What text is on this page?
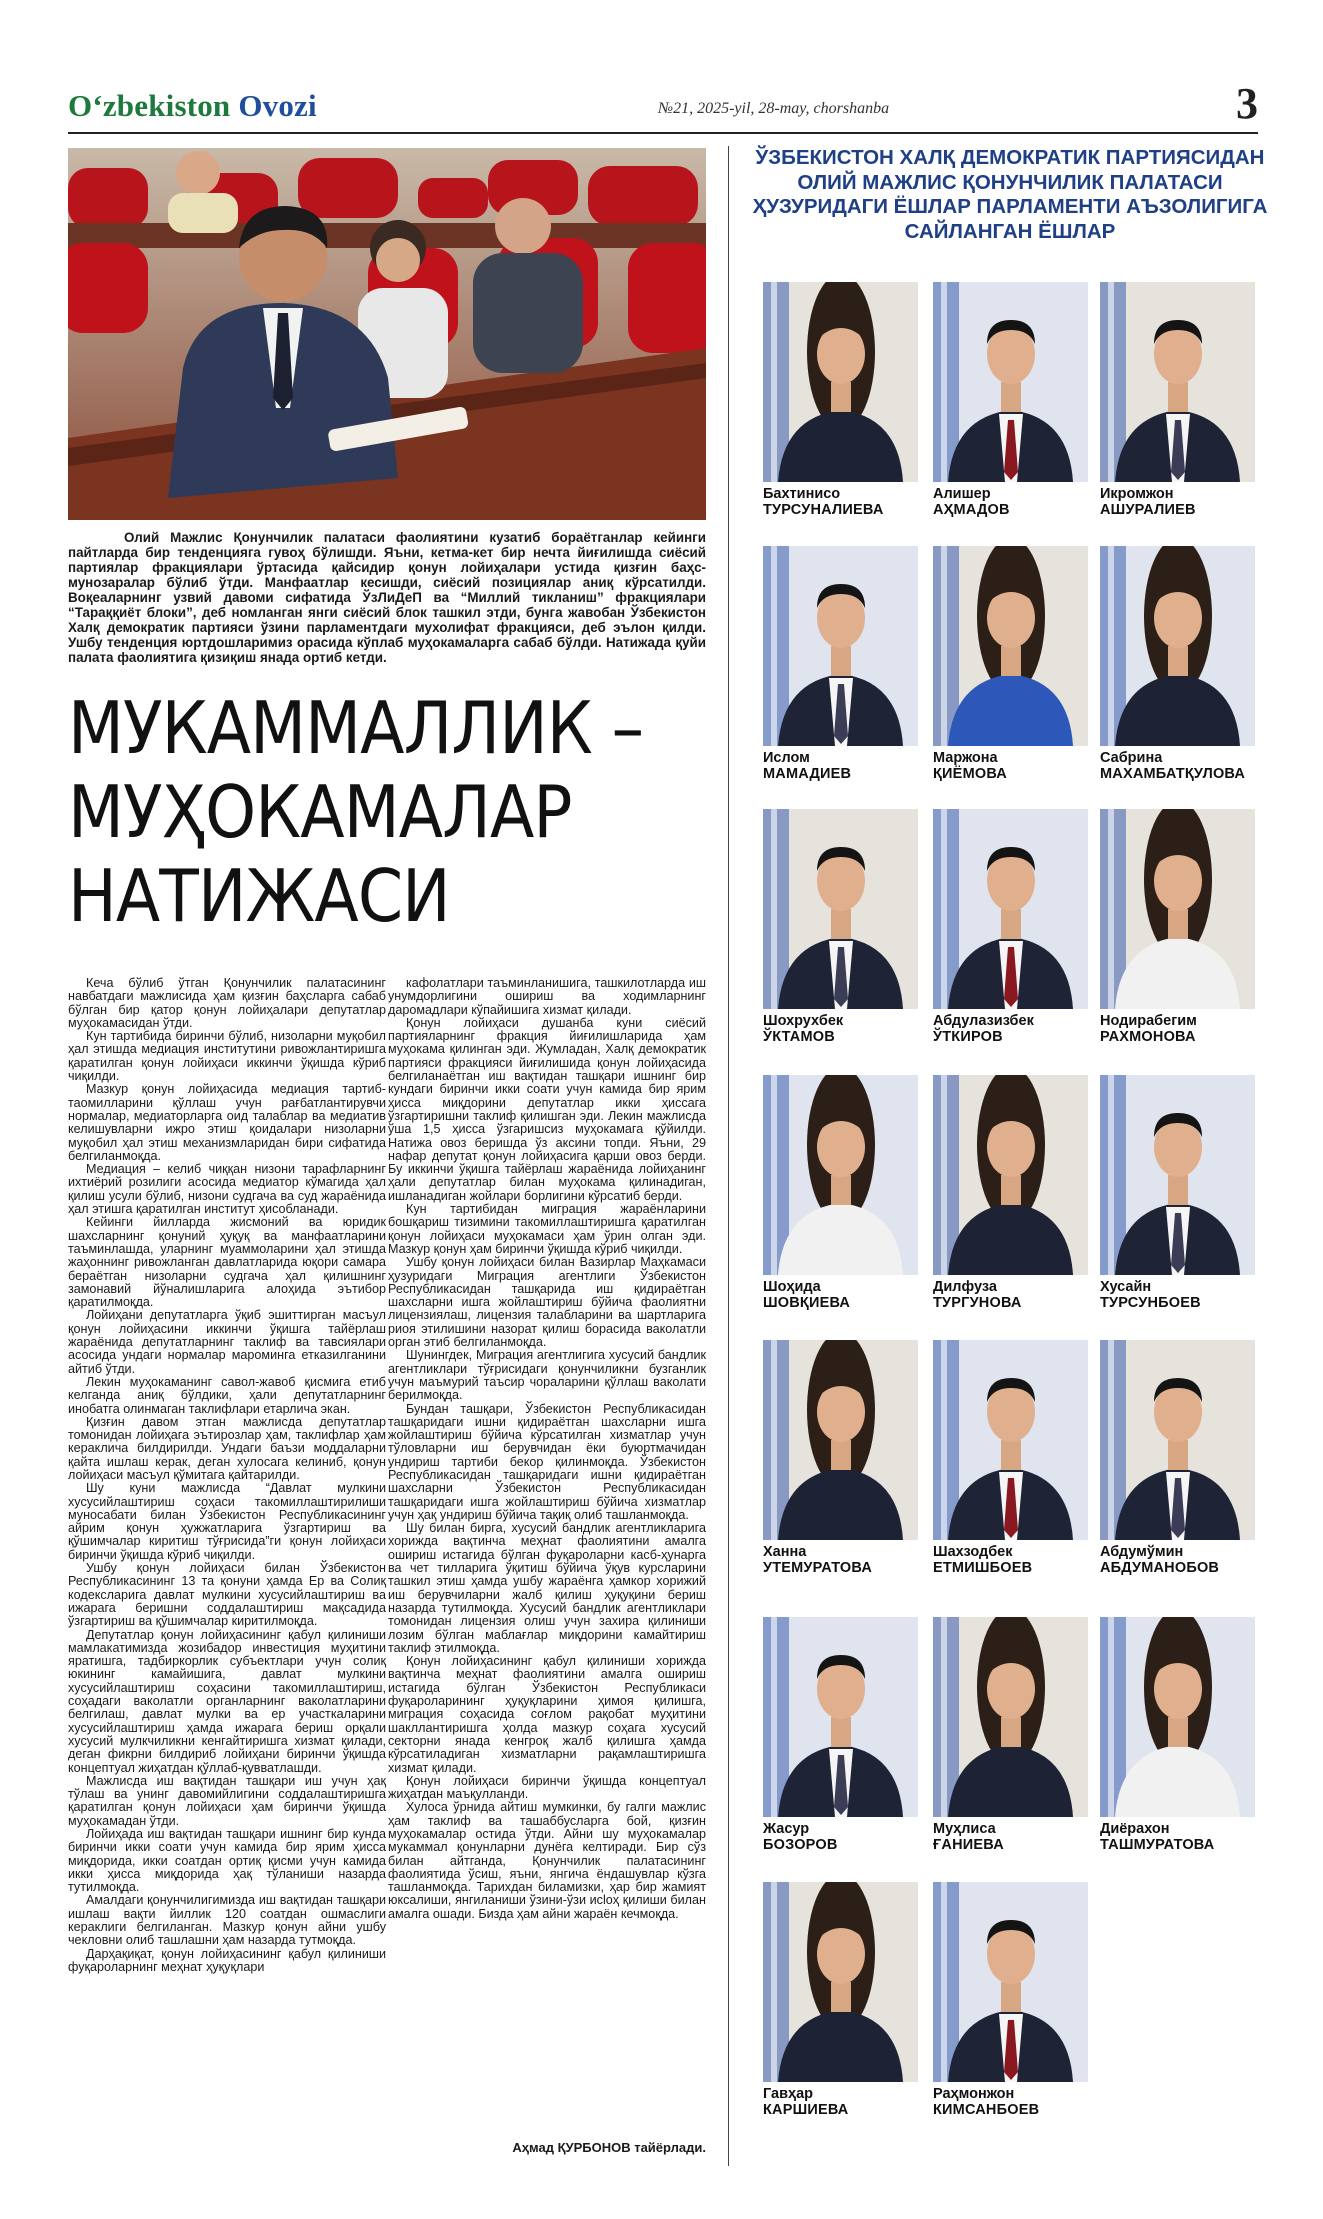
O‘zbekiston Ovozi	№21, 2025-yil, 28-may, chorshanba	3
Олий Мажлис Қонунчилик палатаси фаолиятини кузатиб бораётганлар кейинги пайтларда бир тенденцияга гувоҳ бўлишди. Яъни, кетма-кет бир нечта йиғилишда сиёсий партиялар фракциялари ўртасида қайсидир қонун лойиҳалари устида қизғин баҳс-мунозаралар бўлиб ўтди. Манфаатлар кесишди, сиёсий позициялар аниқ кўрсатилди. Воқеаларнинг узвий давоми сифатида ЎзЛиДеП ва “Миллий тикланиш” фракциялари “Тараққиёт блоки”, деб номланган янги сиёсий блок ташкил этди, бунга жавобан Ўзбекистон Халқ демократик партияси ўзини парламентдаги мухолифат фракцияси, деб эълон қилди. Ушбу тенденция юртдошларимиз орасида кўплаб муҳокамаларга сабаб бўлди. Натижада қуйи палата фаолиятига қизиқиш янада ортиб кетди.
МУКАММАЛЛИК –
МУҲОКАМАЛАР
НАТИЖАСИ

Кеча бўлиб ўтган Қонунчилик палатасининг навбатдаги мажлисида ҳам қизғин баҳсларга сабаб бўлган бир қатор қонун лойиҳалари депутатлар муҳокамасидан ўтди.

Кун тартибида биринчи бўлиб, низоларни муқобил ҳал этишда медиация институтини ривожлантиришга қаратилган қонун лойиҳаси иккинчи ўқишда кўриб чиқилди.

Мазкур қонун лойиҳасида медиация тартиб-таомилларини қўллаш учун рағбатлантирувчи нормалар, медиаторларга оид талаблар ва медиатив келишувларни ижро этиш қоидалари низоларни муқобил ҳал этиш механизмларидан бири сифатида белгиланмоқда.

Медиация – келиб чиққан низони тарафларнинг ихтиёрий розилиги асосида медиатор кўмагида ҳал қилиш усули бўлиб, низони судгача ва суд жараёнида ҳал этишга қаратилган институт ҳисобланади.

Кейинги йилларда жисмоний ва юридик шахсларнинг қонуний ҳуқуқ ва манфаатларини таъминлашда, уларнинг муаммоларини ҳал этишда жаҳоннинг ривожланган давлатларида юқори самара бераётган низоларни судгача ҳал қилишнинг замонавий йўналишларига алоҳида эътибор қаратилмоқда.

Лойиҳани депутатларга ўқиб эшиттирган масъул қонун лойиҳасини иккинчи ўқишга тайёрлаш жараёнида депутатларнинг таклиф ва тавсиялари асосида ундаги нормалар мароминга етказилганини айтиб ўтди.

Лекин муҳокаманинг савол-жавоб қисмига етиб келганда аниқ бўлдики, ҳали депутатларнинг инобатга олинмаган таклифлари етарлича экан.

Қизғин давом этган мажлисда депутатлар томонидан лойиҳага эътирозлар ҳам, таклифлар ҳам кераклича билдирилди. Ундаги баъзи моддаларни қайта ишлаш керак, деган хулосага келиниб, қонун лойиҳаси масъул қўмитага қайтарилди.

Шу куни мажлисда “Давлат мулкини хусусийлаштириш соҳаси такомиллаштирилиши муносабати билан Ўзбекистон Республикасининг айрим қонун ҳужжатларига ўзгартириш ва қўшимчалар киритиш тўғрисида”ги қонун лойиҳаси биринчи ўқишда кўриб чиқилди.

Ушбу қонун лойиҳаси билан Ўзбекистон Республикасининг 13 та қонуни ҳамда Ер ва Солиқ кодексларига давлат мулкини хусусийлаштириш ва ижарага беришни соддалаштириш мақсадида ўзгартириш ва қўшимчалар киритилмоқда.

Депутатлар қонун лойиҳасининг қабул қилиниши мамлакатимизда жозибадор инвестиция муҳитини яратишга, тадбиркорлик субъектлари учун солиқ юкининг камайишига, давлат мулкини хусусийлаштириш соҳасини такомиллаштириш, соҳадаги ваколатли органларнинг ваколатларини белгилаш, давлат мулки ва ер участкаларини хусусийлаштириш ҳамда ижарага бериш орқали хусусий мулкчиликни кенгайтиришга хизмат қилади, деган фикрни билдириб лойиҳани биринчи ўқишда концептуал жиҳатдан қўллаб-қувватлашди.

Мажлисда иш вақтидан ташқари иш учун ҳақ тўлаш ва унинг давомийлигини соддалаштиришга қаратилган қонун лойиҳаси ҳам биринчи ўқишда муҳокамадан ўтди.

Лойиҳада иш вақтидан ташқари ишнинг бир кунда биринчи икки соати учун камида бир ярим ҳисса миқдорида, икки соатдан ортиқ қисми учун камида икки ҳисса миқдорида ҳақ тўланиши назарда тутилмоқда.

Амалдаги қонунчилигимизда иш вақтидан ташқари ишлаш вақти йиллик 120 соатдан ошмаслиги кераклиги белгиланган. Мазкур қонун айни ушбу чекловни олиб ташлашни ҳам назарда тутмоқда.

Дарҳақиқат, қонун лойиҳасининг қабул қилиниши фуқароларнинг меҳнат ҳуқуқлари

кафолатлари таъминланишига, ташкилотларда иш унумдорлигини ошириш ва ходимларнинг даромадлари кўпайишига хизмат қилади.

Қонун лойиҳаси душанба куни сиёсий партияларнинг фракция йиғилишларида ҳам муҳокама қилинган эди. Жумладан, Халқ демократик партияси фракцияси йиғилишида қонун лойиҳасида белгиланаётган иш вақтидан ташқари ишнинг бир кундаги биринчи икки соати учун камида бир ярим ҳисса миқдорини депутатлар икки ҳиссага ўзгартиришни таклиф қилишган эди. Лекин мажлисда ўша 1,5 ҳисса ўзгаришсиз муҳокамага қўйилди. Натижа овоз беришда ўз аксини топди. Яъни, 29 нафар депутат қонун лойиҳасига қарши овоз берди. Бу иккинчи ўқишга тайёрлаш жараёнида лойиҳанинг ҳали депутатлар билан муҳокама қилинадиган, ишланадиган жойлари борлигини кўрсатиб берди.

Кун тартибидан миграция жараёнларини бошқариш тизимини такомиллаштиришга қаратилган қонун лойиҳаси муҳокамаси ҳам ўрин олган эди. Мазкур қонун ҳам биринчи ўқишда кўриб чиқилди.

Ушбу қонун лойиҳаси билан Вазирлар Маҳкамаси ҳузуридаги Миграция агентлиги Ўзбекистон Республикасидан ташқарида иш қидираётган шахсларни ишга жойлаштириш бўйича фаолиятни лицензиялаш, лицензия талабларини ва шартларига риоя этилишини назорат қилиш борасида ваколатли орган этиб белгиланмоқда.

Шунингдек, Миграция агентлигига хусусий бандлик агентликлари тўғрисидаги қонунчиликни бузганлик учун маъмурий таъсир чораларини қўллаш ваколати берилмоқда.

Бундан ташқари, Ўзбекистон Республикасидан ташқаридаги ишни қидираётган шахсларни ишга жойлаштириш бўйича кўрсатилган хизматлар учун тўловларни иш берувчидан ёки буюртмачидан ундириш тартиби бекор қилинмоқда. Ўзбекистон Республикасидан ташқаридаги ишни қидираётган шахсларни Ўзбекистон Республикасидан ташқаридаги ишга жойлаштириш бўйича хизматлар учун ҳақ ундириш бўйича тақиқ олиб ташланмоқда.

Шу билан бирга, хусусий бандлик агентликларига хорижда вақтинча меҳнат фаолиятини амалга ошириш истагида бўлган фуқароларни касб-ҳунарга ва чет тилларига ўқитиш бўйича ўқув курсларини ташкил этиш ҳамда ушбу жараёнга ҳамкор хорижий иш берувчиларни жалб қилиш ҳуқуқини бериш назарда тутилмоқда. Хусусий бандлик агентликлари томонидан лицензия олиш учун захира қилиниши лозим бўлган маблағлар миқдорини камайтириш таклиф этилмоқда.

Қонун лойиҳасининг қабул қилиниши хорижда вақтинча меҳнат фаолиятини амалга ошириш истагида бўлган Ўзбекистон Республикаси фуқароларининг ҳуқуқларини ҳимоя қилишга, миграция соҳасида соғлом рақобат муҳитини шакллантиришга ҳолда мазкур соҳага хусусий секторни янада кенгроқ жалб қилишга ҳамда кўрсатиладиган хизматларни рақамлаштиришга хизмат қилади.

Қонун лойиҳаси биринчи ўқишда концептуал жиҳатдан маъқулланди.

Хулоса ўрнида айтиш мумкинки, бу галги мажлис ҳам таклиф ва ташаббусларга бой, қизғин муҳокамалар остида ўтди. Айни шу муҳокамалар мукаммал қонунларни дунёга келтиради. Бир сўз билан айтганда, Қонунчилик палатасининг фаолиятида ўсиш, яъни, янгича ёндашувлар кўзга ташланмоқда. Тарихдан биламизки, ҳар бир жамият юксалиши, янгиланиши ўзини-ўзи исloҳ қилиши билан амалга ошади. Бизда ҳам айни жараён кечмоқда.

Аҳмад ҚУРБОНОВ тайёрлади.
ЎЗБЕКИСТОН ХАЛҚ ДЕМОКРАТИК ПАРТИЯСИДАН ОЛИЙ МАЖЛИС ҚОНУНЧИЛИК ПАЛАТАСИ ҲУЗУРИДАГИ ЁШЛАР ПАРЛАМЕНТИ АЪЗОЛИГИГА САЙЛАНГАН ЁШЛАР
Бахтинисо
ТУРСУНАЛИЕВА
Алишер
АҲМАДОВ
Икромжон
АШУРАЛИЕВ
Ислом
МАМАДИЕВ
Маржона
ҚИЁМОВА
Сабрина
МАХАМБАТҚУЛОВА
Шохрухбек
ЎКТАМОВ
Абдулазизбек
ЎТКИРОВ
Нодирабегим
РАХМОНОВА
Шоҳида
ШОВҚИЕВА
Дилфуза
ТУРГУНОВА
Хусайн
ТУРСУНБОЕВ
Ханна
УТЕМУРАТОВА
Шахзодбек
ЕТМИШБОЕВ
Абдумўмин
АБДУМАНОБОВ
Жасур
БОЗОРОВ
Муҳлиса
ҒАНИЕВА
Диёрахон
ТАШМУРАТОВА
Гавҳар
КАРШИЕВА
Раҳмонжон
КИМСАНБОЕВ
